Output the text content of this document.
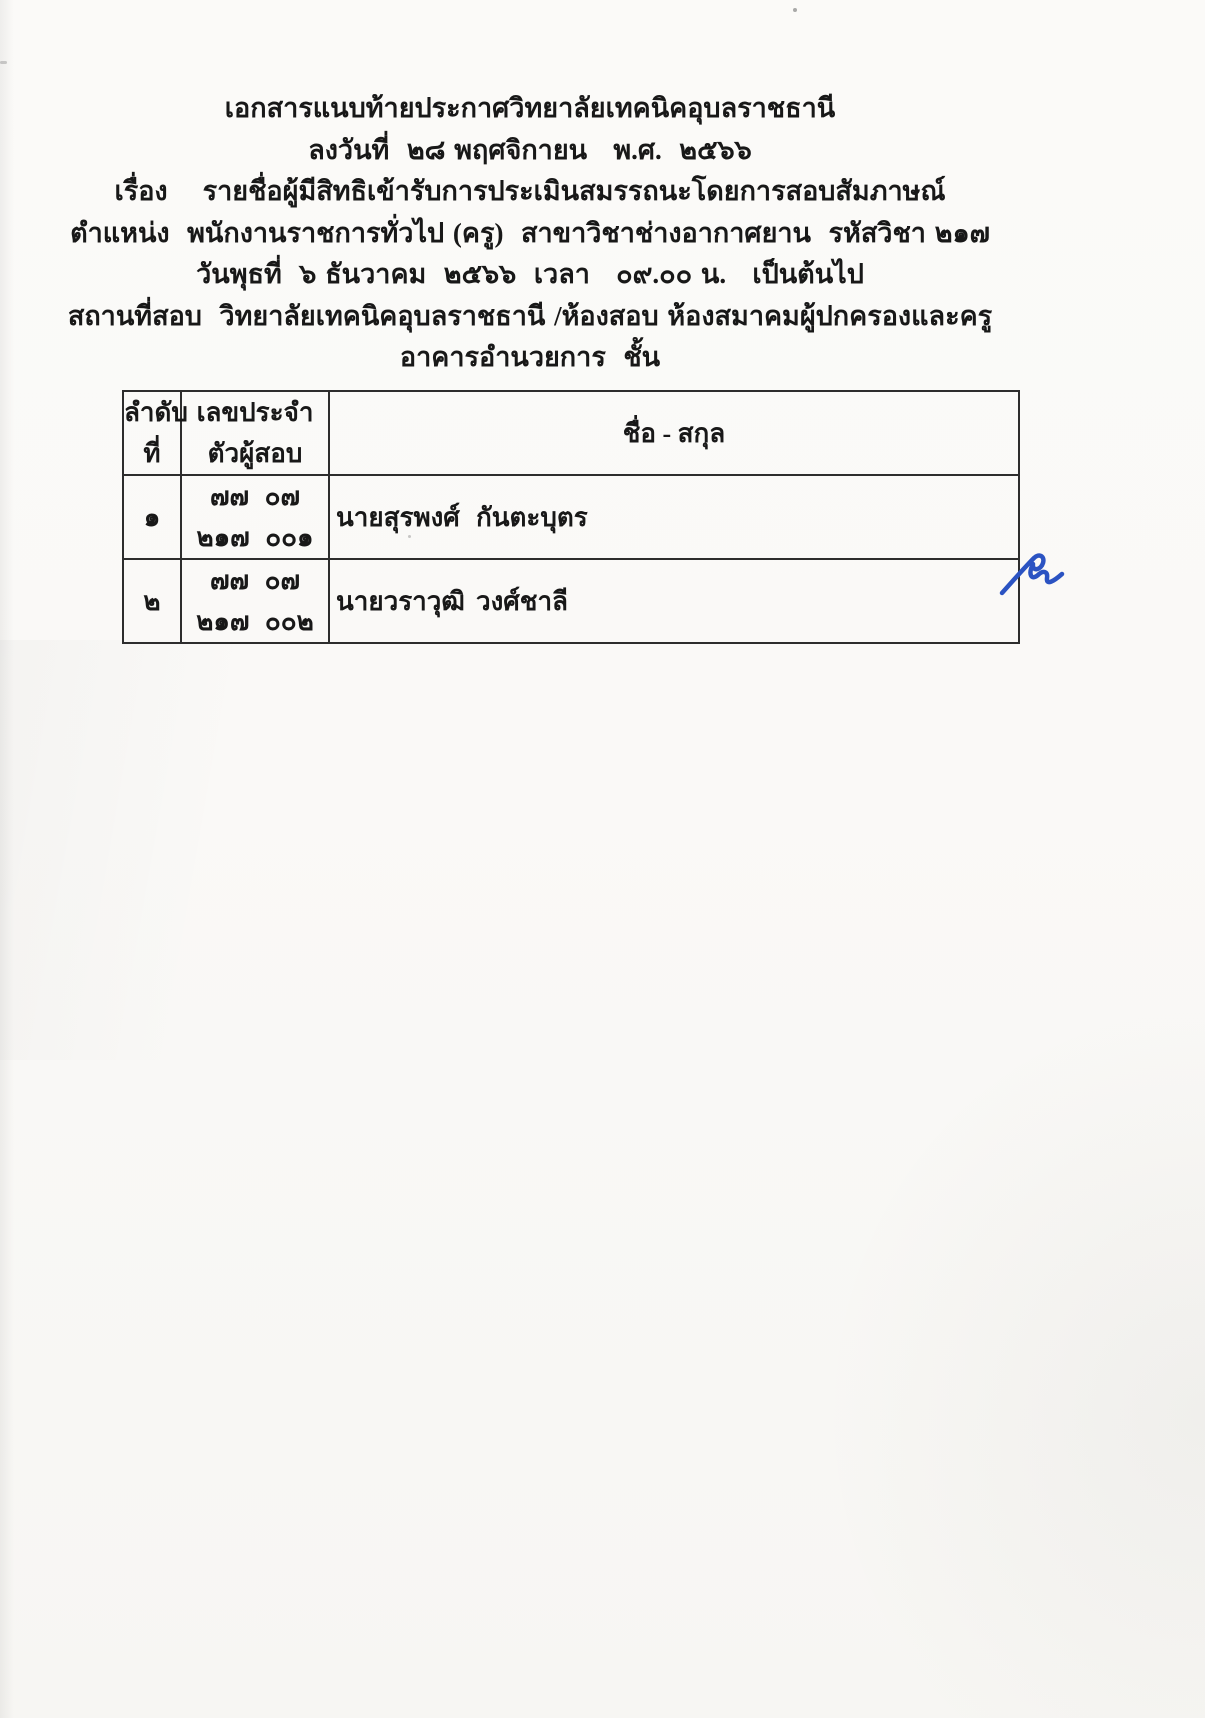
เอกสารแนบท้ายประกาศวิทยาลัยเทคนิคอุบลราชธานี
ลงวันที่  ๒๘ พฤศจิกายน   พ.ศ.  ๒๕๖๖
เรื่อง    รายชื่อผู้มีสิทธิเข้ารับการประเมินสมรรถนะโดยการสอบสัมภาษณ์
ตำแหน่ง  พนักงานราชการทั่วไป (ครู)  สาขาวิชาช่างอากาศยาน  รหัสวิชา ๒๑๗
วันพุธที่  ๖ ธันวาคม  ๒๕๖๖  เวลา   ๐๙.๐๐ น.   เป็นต้นไป
สถานที่สอบ  วิทยาลัยเทคนิคอุบลราชธานี /ห้องสอบ ห้องสมาคมผู้ปกครองและครู  อาคารอำนวยการ  ชั้น
ลำดับที่	เลขประจำตัวผู้สอบ	ชื่อ - สกุล
๑	๗๗ ๐๗ ๒๑๗ ๐๐๑	นายสุรพงศ์ กันตะบุตร

๒	๗๗ ๐๗ ๒๑๗ ๐๐๒	นายวราวุฒิ วงศ์ชาลี
